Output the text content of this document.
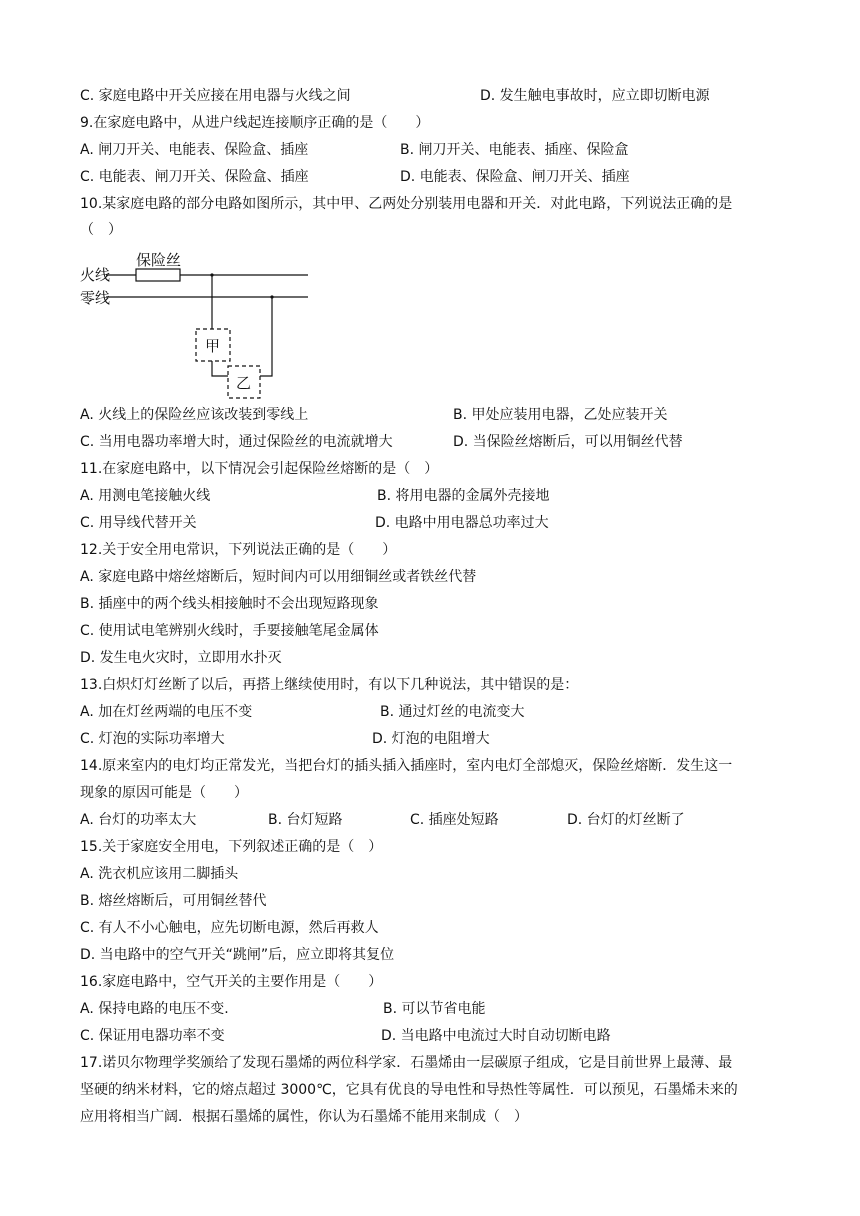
C. 家庭电路中开关应接在用电器与火线之间	D. 发生触电事故时，应立即切断电源
9.在家庭电路中，从进户线起连接顺序正确的是（　　）
A. 闸刀开关、电能表、保险盒、插座	B. 闸刀开关、电能表、插座、保险盒
C. 电能表、闸刀开关、保险盒、插座	D. 电能表、保险盒、闸刀开关、插座
10.某家庭电路的部分电路如图所示，其中甲、乙两处分别装用电器和开关．对此电路，下列说法正确的是
（　）
A. 火线上的保险丝应该改装到零线上	B. 甲处应装用电器，乙处应装开关
C. 当用电器功率增大时，通过保险丝的电流就增大	D. 当保险丝熔断后，可以用铜丝代替
11.在家庭电路中，以下情况会引起保险丝熔断的是（　）
A. 用测电笔接触火线	B. 将用电器的金属外壳接地
C. 用导线代替开关	D. 电路中用电器总功率过大
12.关于安全用电常识，下列说法正确的是（　　）
A. 家庭电路中熔丝熔断后，短时间内可以用细铜丝或者铁丝代替
B. 插座中的两个线头相接触时不会出现短路现象
C. 使用试电笔辨别火线时，手要接触笔尾金属体
D. 发生电火灾时，立即用水扑灭
13.白炽灯灯丝断了以后，再搭上继续使用时，有以下几种说法，其中错误的是：
A. 加在灯丝两端的电压不变	B. 通过灯丝的电流变大
C. 灯泡的实际功率增大	D. 灯泡的电阻增大
14.原来室内的电灯均正常发光，当把台灯的插头插入插座时，室内电灯全部熄灭，保险丝熔断．发生这一
现象的原因可能是（　　）
A. 台灯的功率太大	B. 台灯短路	C. 插座处短路	D. 台灯的灯丝断了
15.关于家庭安全用电，下列叙述正确的是（　）
A. 洗衣机应该用二脚插头
B. 熔丝熔断后，可用铜丝替代
C. 有人不小心触电，应先切断电源，然后再救人
D. 当电路中的空气开关“跳闸”后，应立即将其复位
16.家庭电路中，空气开关的主要作用是（　　）
A. 保持电路的电压不变.	B. 可以节省电能
C. 保证用电器功率不变	D. 当电路中电流过大时自动切断电路
17.诺贝尔物理学奖颁给了发现石墨烯的两位科学家．石墨烯由一层碳原子组成，它是目前世界上最薄、最
坚硬的纳米材料，它的熔点超过 3000℃，它具有优良的导电性和导热性等属性．可以预见，石墨烯未来的
应用将相当广阔．根据石墨烯的属性，你认为石墨烯不能用来制成（　）
火线
零线
保险丝
甲
乙
